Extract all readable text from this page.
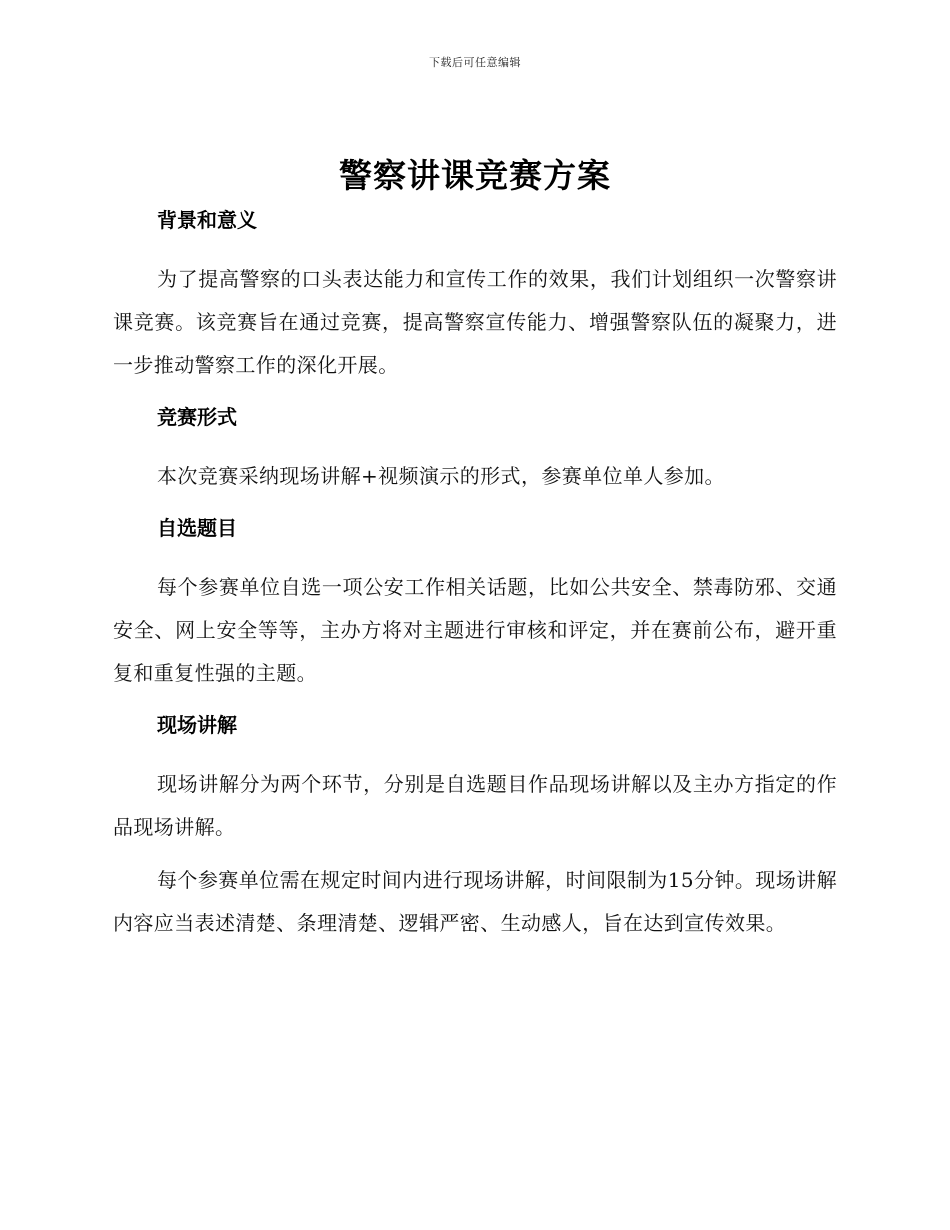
下载后可任意编辑
警察讲课竞赛方案
背景和意义

为了提高警察的口头表达能力和宣传工作的效果，我们计划组织一次警察讲课竞赛。该竞赛旨在通过竞赛，提高警察宣传能力、增强警察队伍的凝聚力，进一步推动警察工作的深化开展。

竞赛形式

本次竞赛采纳现场讲解+视频演示的形式，参赛单位单人参加。

自选题目

每个参赛单位自选一项公安工作相关话题，比如公共安全、禁毒防邪、交通安全、网上安全等等，主办方将对主题进行审核和评定，并在赛前公布，避开重复和重复性强的主题。

现场讲解

现场讲解分为两个环节，分别是自选题目作品现场讲解以及主办方指定的作品现场讲解。

每个参赛单位需在规定时间内进行现场讲解，时间限制为15分钟。现场讲解内容应当表述清楚、条理清楚、逻辑严密、生动感人，旨在达到宣传效果。
